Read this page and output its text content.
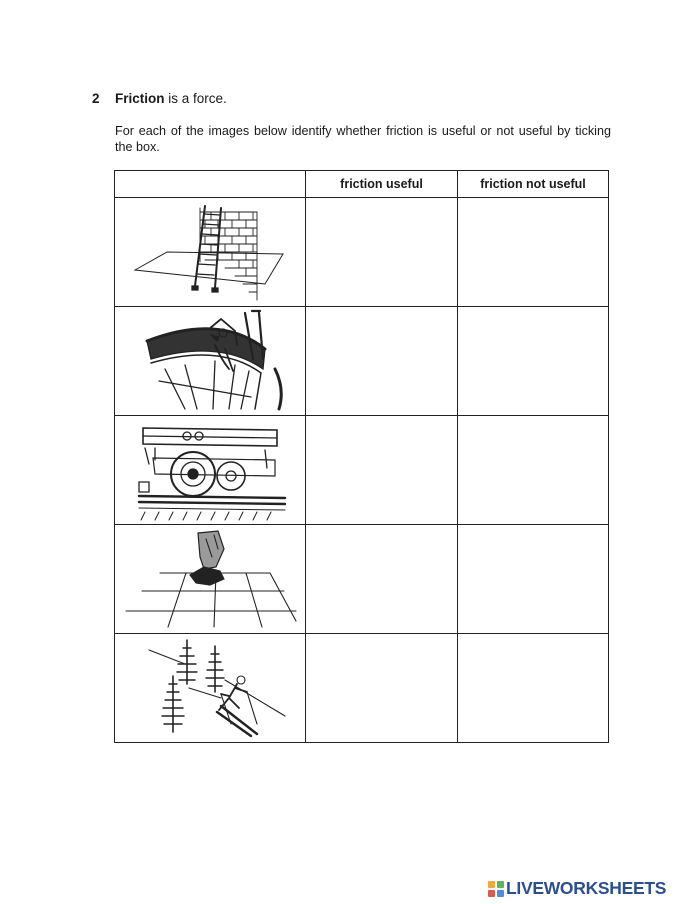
2 Friction is a force.
For each of the images below identify whether friction is useful or not useful by ticking the box.
	friction useful	friction not useful

LIVEWORKSHEETS
